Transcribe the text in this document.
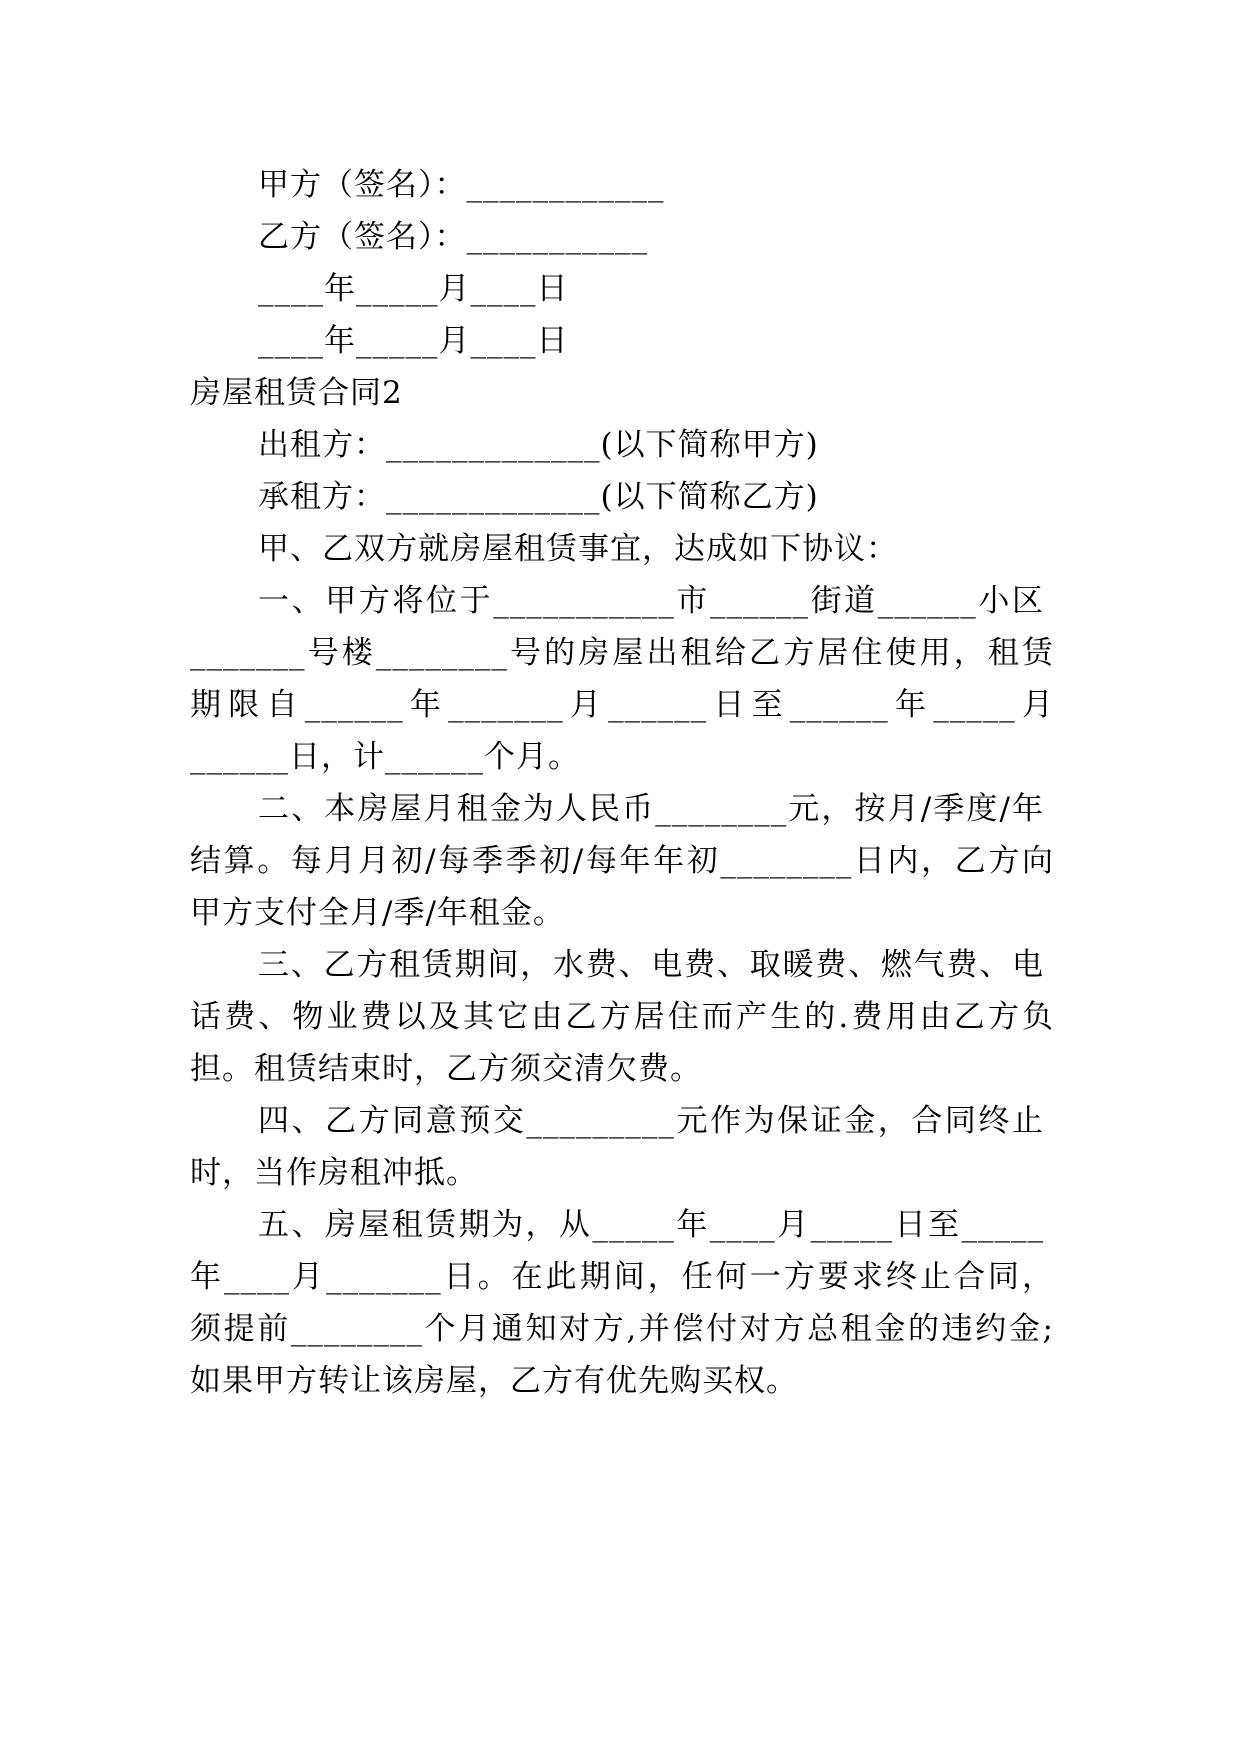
甲方（签名）：____________
乙方（签名）：___________
____年_____月____日
____年_____月____日
房屋租赁合同2
出租方：_____________(以下简称甲方)
承租方：_____________(以下简称乙方)
甲、乙双方就房屋租赁事宜，达成如下协议：
一、甲方将位于___________市______街道______小区
_______号楼________号的房屋出租给乙方居住使用，租赁
期限自______年_______月______日至______年_____月
______日，计______个月。
二、本房屋月租金为人民币________元，按月/季度/年
结算。每月月初/每季季初/每年年初________日内，乙方向
甲方支付全月/季/年租金。
三、乙方租赁期间，水费、电费、取暖费、燃气费、电
话费、物业费以及其它由乙方居住而产生的.费用由乙方负
担。租赁结束时，乙方须交清欠费。
四、乙方同意预交_________元作为保证金，合同终止
时，当作房租冲抵。
五、房屋租赁期为，从_____年____月_____日至_____
年____月_______日。在此期间，任何一方要求终止合同，
须提前________个月通知对方,并偿付对方总租金的违约金;
如果甲方转让该房屋，乙方有优先购买权。
